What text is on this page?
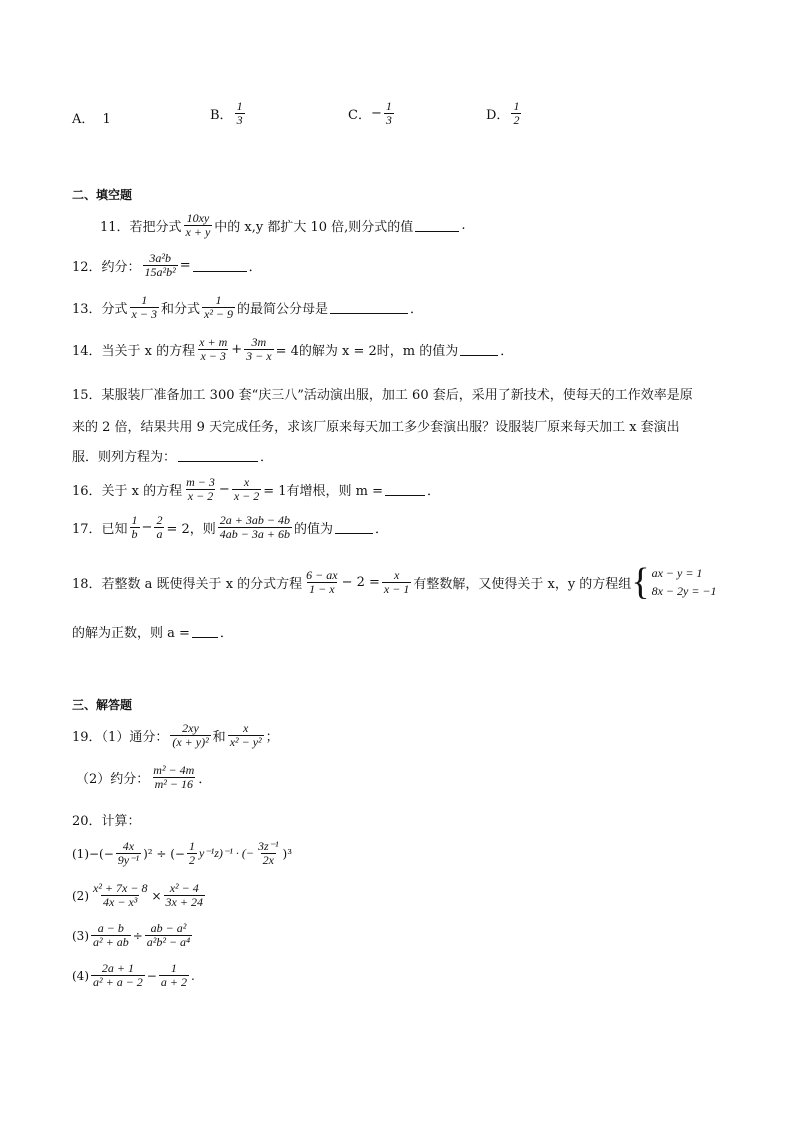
A． 1	B． $\frac{1}{3}$	C． − $\frac{1}{3}$	D． $\frac{1}{2}$
二、填空题
11．若把分式 $\frac{10xy}{x + y}$ 中的 x,y 都扩大 10 倍,则分式的值	.
12．约分： $\frac{\text{3a²b}}{\text{15a²b²}}$ =	．
13．分式 $\frac{1}{x - 3}$ 和分式 $\frac{1}{\text{x² − 9}}$ 的最简公分母是	．
14．当关于 x 的方程 $\frac{x + m}{x - 3} + \frac{3m}{3 - x} = 4$的解为 x = 2时，m 的值为	．
15．某服装厂准备加工 300 套“庆三八”活动演出服，加工 60 套后，采用了新技术，使每天的工作效率是原
来的 2 倍，结果共用 9 天完成任务，求该厂原来每天加工多少套演出服？设服装厂原来每天加工 x 套演出
服．则列方程为：	．
16．关于 x 的方程 $\frac{m - 3}{x - 2} - \frac{x}{x - 2} = 1$有增根，则 m =	．
17．已知 $\frac{1}{b} - \frac{2}{a} = 2$，则 $\frac{2a + 3ab - 4b}{4ab - 3a + 6b}$ 的值为	．
18．若整数 a 既使得关于 x 的分式方程 $\frac{6 - ax}{1 - x} - 2 = \frac{x}{x - 1}$ 有整数解，又使得关于 x，y 的方程组 { ax − y = 1
8x − 2y = −1
的解为正数，则 a = ．
三、解答题
19．（1）通分： $\frac{2xy}{\text{(x + y)²}}$ 和 $\frac{x}{\text{x² − y²}}$ ；
（2）约分： $\frac{\text{m² − 4m}}{\text{m² − 16}}$ ．
20．计算：
(1) −(− $\frac{4x}{\text{9y⁻¹}} )^2$ ÷ (− $\frac{1}{2} y^{-1}z)^{-1}$ · (− $\frac{\text{3z⁻¹}}{2x} )^3$
$(2) \frac{\text{x² + 7x − 8}}{\text{4x − x³}} \times \frac{\text{x² − 4}}{3x + 24}$
$(3) \frac{a - b}{\text{a² + ab}} \div \frac{\text{ab − a²}}{\text{a²b² − a⁴}}$
$(4) \frac{2a + 1}{\text{a² + a − 2}} - \frac{1}{a + 2}$ .
